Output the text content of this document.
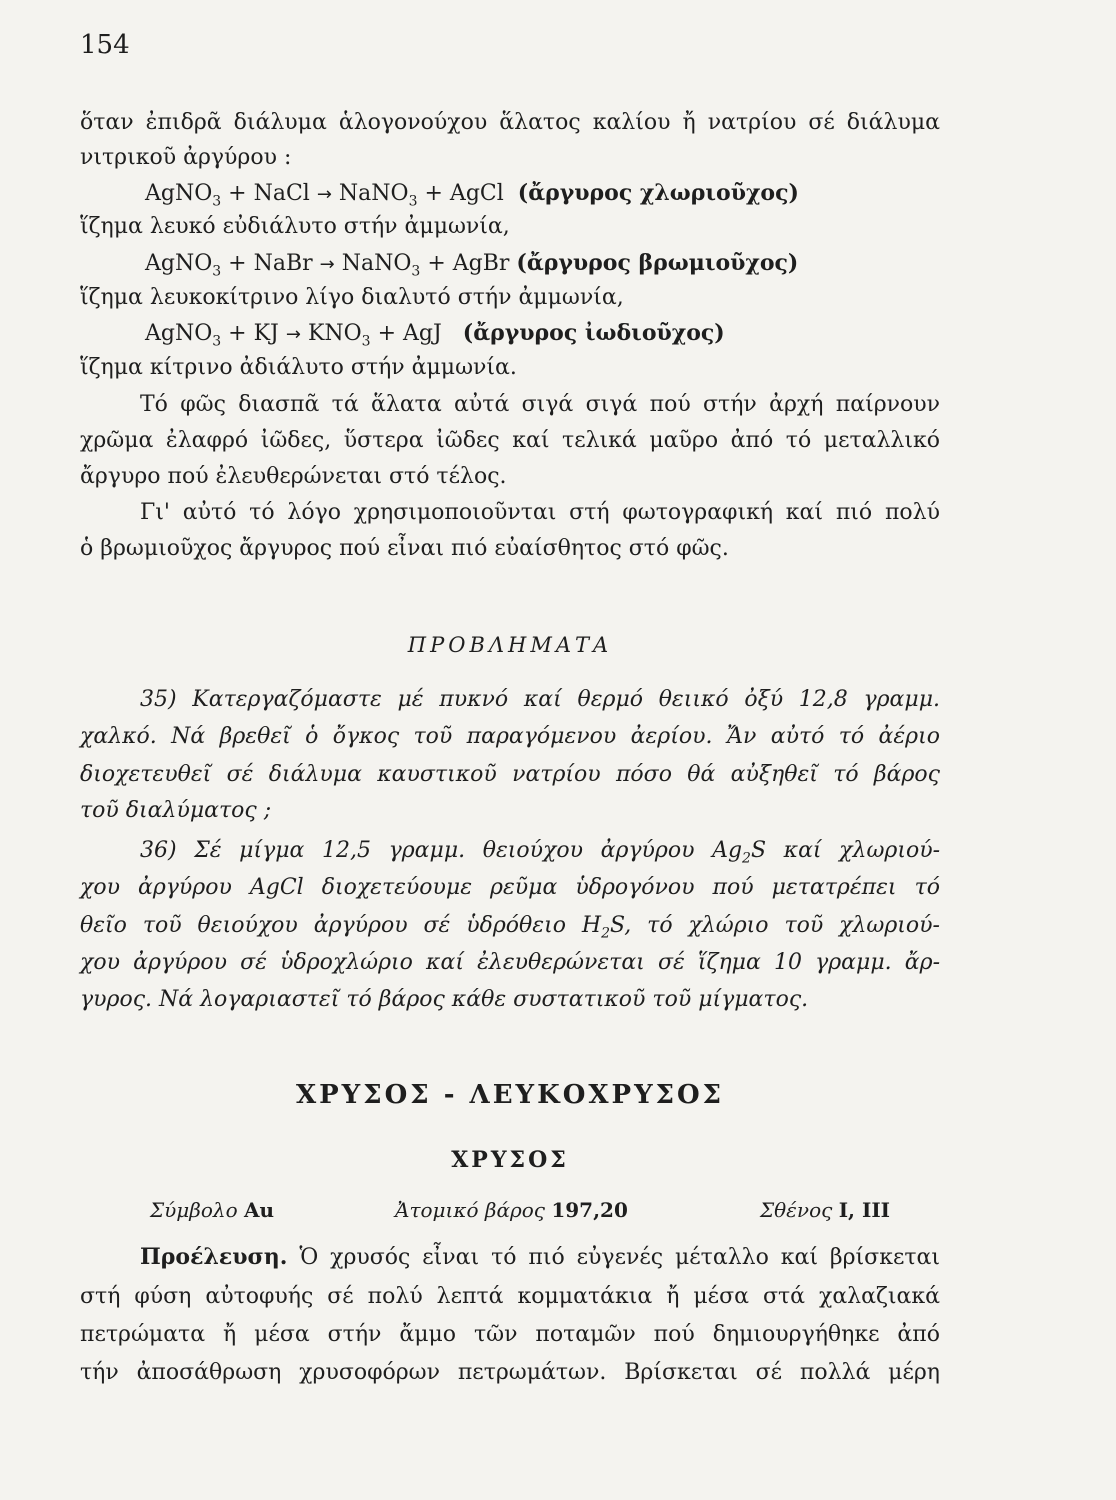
154
ὅταν ἐπιδρᾶ διάλυμα ἁλογονούχου ἅλατος καλίου ἤ νατρίου σέ διάλυμα
νιτρικοῦ ἀργύρου :
AgNO$_3$ + NaCl → NaNO$_3$ + AgCl (ἄργυρος χλωριοῦχος)
ἵζημα λευκό εὐδιάλυτο στήν ἀμμωνία,
AgNO$_3$ + NaBr → NaNO$_3$ + AgBr (ἄργυρος βρωμιοῦχος)
ἵζημα λευκοκίτρινο λίγο διαλυτό στήν ἀμμωνία,
AgNO$_3$ + KJ → $KNO_3$ + AgJ (ἄργυρος ἰωδιοῦχος)
ἵζημα κίτρινο ἀδιάλυτο στήν ἀμμωνία.
Τό φῶς διασπᾶ τά ἅλατα αὐτά σιγά σιγά πού στήν ἀρχή παίρνουν
χρῶμα ἐλαφρό ἰῶδες, ὕστερα ἰῶδες καί τελικά μαῦρο ἀπό τό μεταλλικό
ἄργυρο πού ἐλευθερώνεται στό τέλος.
Γι' αὐτό τό λόγο χρησιμοποιοῦνται στή φωτογραφική καί πιό πολύ
ὁ βρωμιοῦχος ἄργυρος πού εἶναι πιό εὐαίσθητος στό φῶς.
ΠΡΟΒΛΗΜΑΤΑ
35) Κατεργαζόμαστε μέ πυκνό καί θερμό θειικό ὀξύ 12,8 γραμμ.
χαλκό. Νά βρεθεῖ ὁ ὄγκος τοῦ παραγόμενου ἀερίου. Ἄν αὐτό τό ἀέριο
διοχετευθεῖ σέ διάλυμα καυστικοῦ νατρίου πόσο θά αὐξηθεῖ τό βάρος
τοῦ διαλύματος ;
36) Σέ μίγμα 12,5 γραμμ. θειούχου ἀργύρου $Ag_2S$ καί χλωριού-
χου ἀργύρου AgCl διοχετεύουμε ρεῦμα ὑδρογόνου πού μετατρέπει τό
θεῖο τοῦ θειούχου ἀργύρου σέ ὑδρόθειο $H_2S$, τό χλώριο τοῦ χλωριού-
χου ἀργύρου σέ ὑδροχλώριο καί ἐλευθερώνεται σέ ἵζημα 10 γραμμ. ἄρ-
γυρος. Νά λογαριαστεῖ τό βάρος κάθε συστατικοῦ τοῦ μίγματος.
ΧΡΥΣΟΣ - ΛΕΥΚΟΧΡΥΣΟΣ
ΧΡΥΣΟΣ
Σύμβολο Au	Ἀτομικό βάρος 197,20	Σθένος I, III
Προέλευση. Ὁ χρυσός εἶναι τό πιό εὐγενές μέταλλο καί βρίσκεται
στή φύση αὐτοφυής σέ πολύ λεπτά κομματάκια ἤ μέσα στά χαλαζιακά
πετρώματα ἤ μέσα στήν ἄμμο τῶν ποταμῶν πού δημιουργήθηκε ἀπό
τήν ἀποσάθρωση χρυσοφόρων πετρωμάτων. Βρίσκεται σέ πολλά μέρη
